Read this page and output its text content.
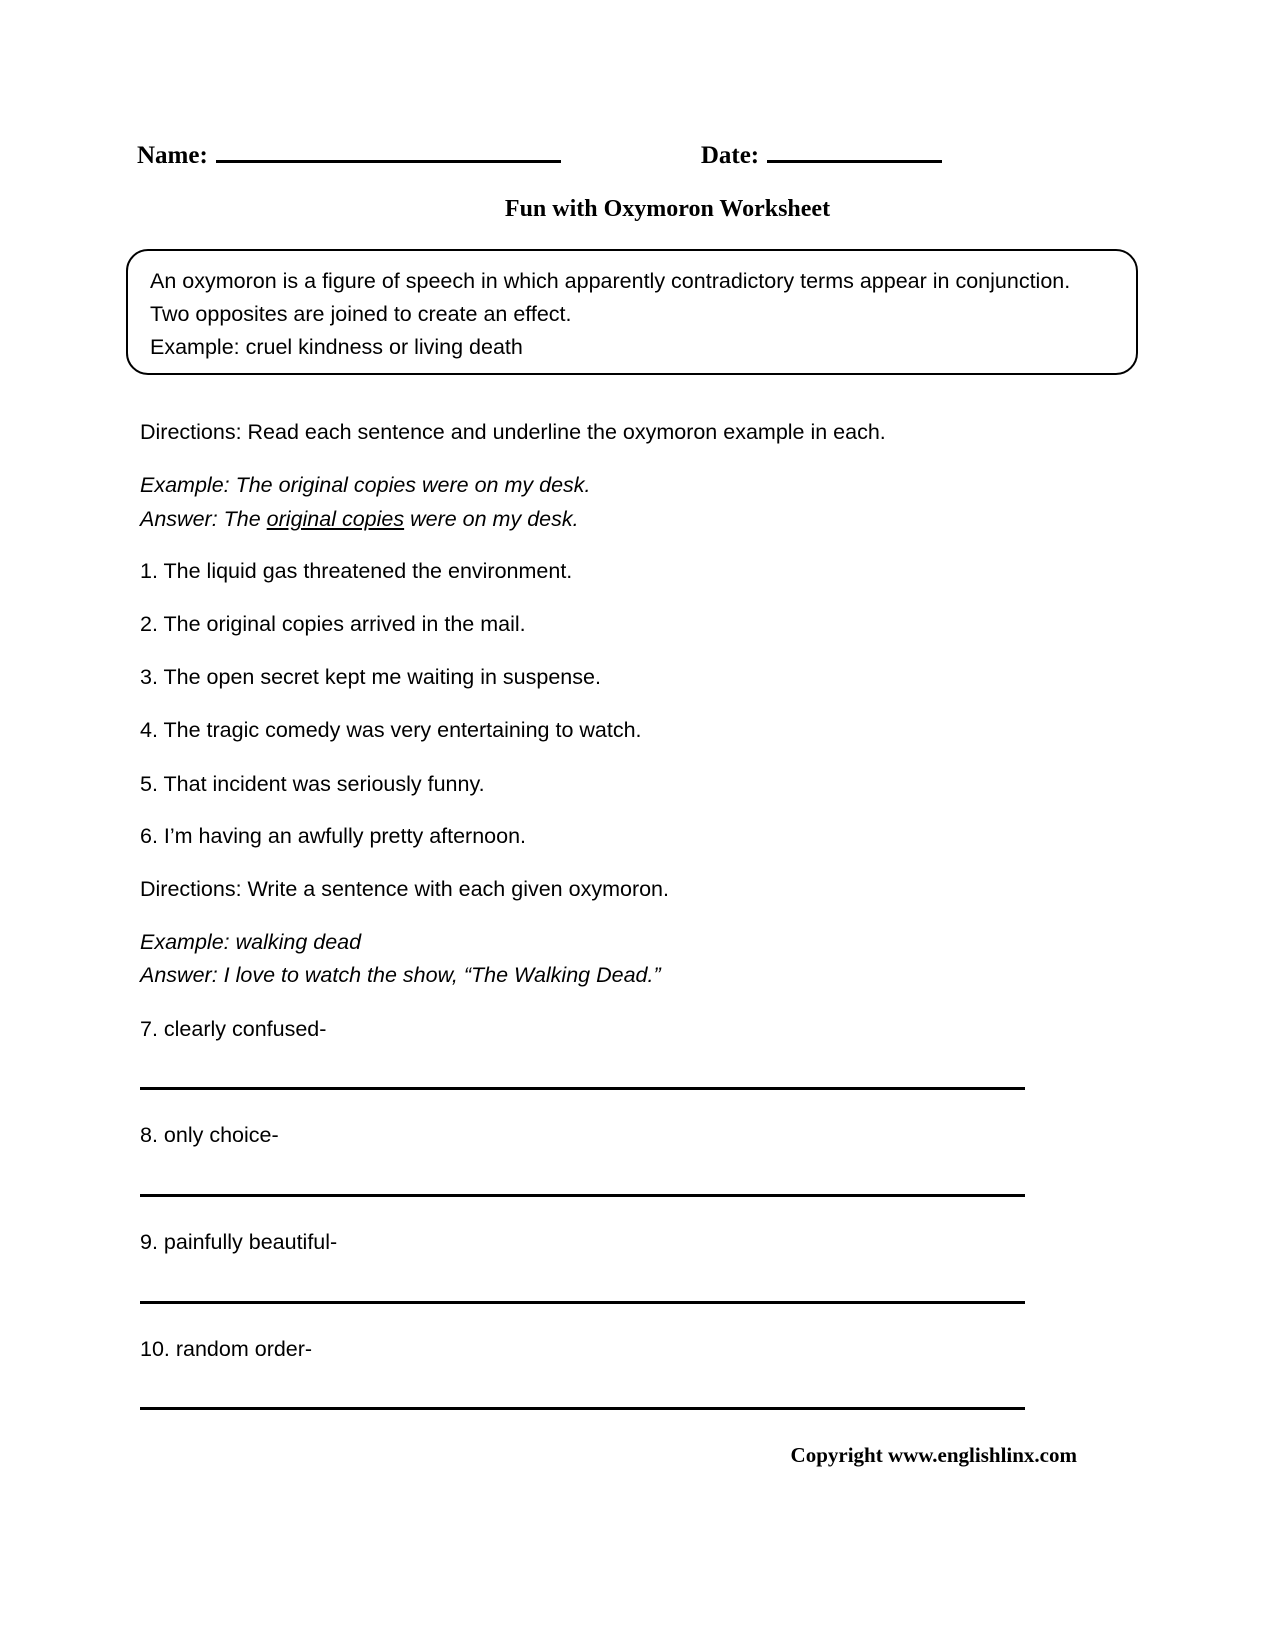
Name:	Date:
Fun with Oxymoron Worksheet
An oxymoron is a figure of speech in which apparently contradictory terms appear in conjunction.
Two opposites are joined to create an effect.
Example: cruel kindness or living death
Directions: Read each sentence and underline the oxymoron example in each.
Example: The original copies were on my desk.
Answer: The original copies were on my desk.
1. The liquid gas threatened the environment.
2. The original copies arrived in the mail.
3. The open secret kept me waiting in suspense.
4. The tragic comedy was very entertaining to watch.
5. That incident was seriously funny.
6. I’m having an awfully pretty afternoon.
Directions: Write a sentence with each given oxymoron.
Example: walking dead
Answer: I love to watch the show, “The Walking Dead.”
7. clearly confused-
8. only choice-
9. painfully beautiful-
10. random order-
Copyright www.englishlinx.com
